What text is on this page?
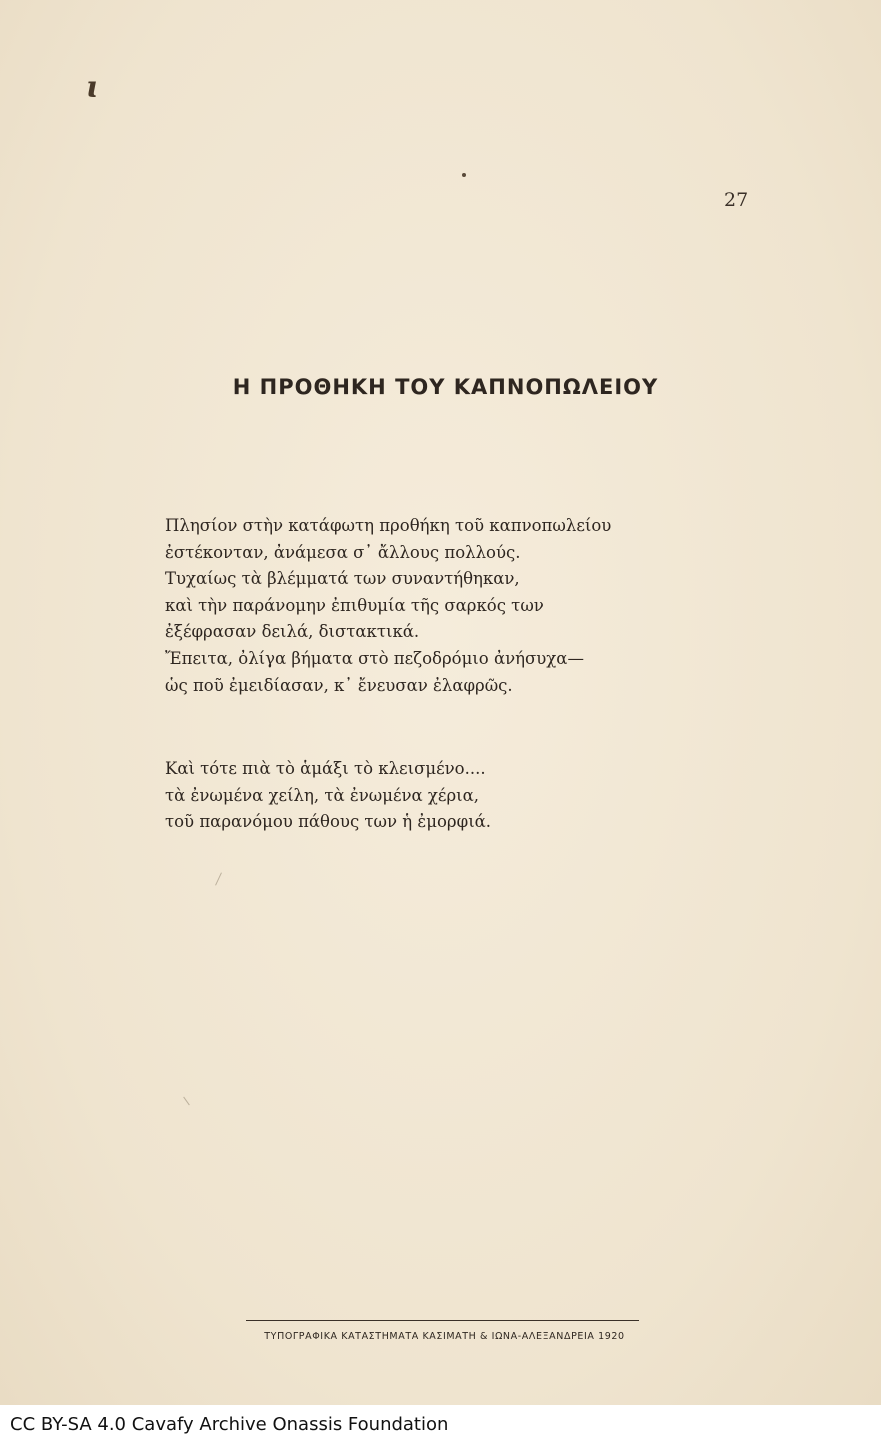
ɩ
27
Η ΠΡΟΘΗΚΗ ΤΟΥ ΚΑΠΝΟΠΩΛΕΙΟΥ
Πλησίον στὴν κατάφωτη προθήκη τοῦ καπνοπωλείου
ἐστέκονταν, ἀνάμεσα σ᾿ ἄλλους πολλούς.
Τυχαίως τὰ βλέμματά των συναντήθηκαν,
καὶ τὴν παράνομην ἐπιθυμία τῆς σαρκός των
ἐξέφρασαν δειλά, διστακτικά.
Ἔπειτα, ὀλίγα βήματα στὸ πεζοδρόμιο ἀνήσυχα—
ὡς ποῦ ἐμειδίασαν, κ᾿ ἔνευσαν ἐλαφρῶς.
Καὶ τότε πιὰ τὸ ἁμάξι τὸ κλεισμένο....
τὰ ἐνωμένα χείλη, τὰ ἐνωμένα χέρια,
τοῦ παρανόμου πάθους των ἡ ἐμορφιά.
ΤΥΠΟΓΡΑΦΙΚΑ ΚΑΤΑΣΤΗΜΑΤΑ ΚΑΣΙΜΑΤΗ & ΙΩΝΑ-ΑΛΕΞΑΝΔΡΕΙΑ 1920
CC BY-SA 4.0 Cavafy Archive Onassis Foundation
